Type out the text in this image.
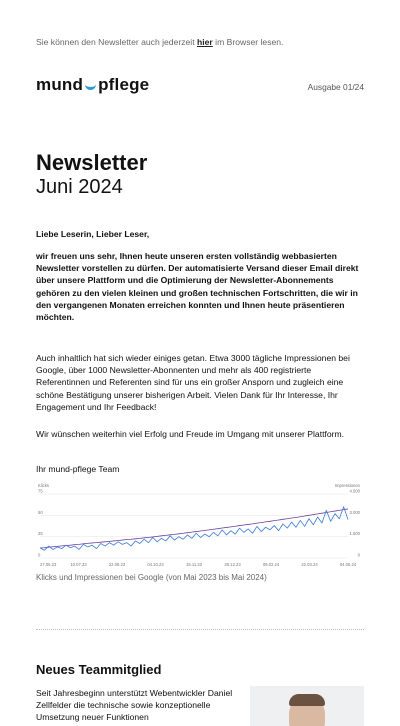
Sie können den Newsletter auch jederzeit hier im Browser lesen.
mund pflege	Ausgabe 01/24
Newsletter
Juni 2024
Liebe Leserin, Lieber Leser,
wir freuen uns sehr, Ihnen heute unseren ersten vollständig webbasierten Newsletter vorstellen zu dürfen. Der automatisierte Versand dieser Email direkt über unsere Plattform und die Optimierung der Newsletter-Abonnements gehören zu den vielen kleinen und großen technischen Fortschritten, die wir in den vergangenen Monaten erreichen konnten und Ihnen heute präsentieren möchten.
Auch inhaltlich hat sich wieder einiges getan. Etwa 3000 tägliche Impressionen bei Google, über 1000 Newsletter-Abonnenten und mehr als 400 registrierte Referentinnen und Referenten sind für uns ein großer Ansporn und zugleich eine schöne Bestätigung unserer bisherigen Arbeit. Vielen Dank für Ihr Interesse, Ihr Engagement und Ihr Feedback!
Wir wünschen weiterhin viel Erfolg und Freude im Umgang mit unserer Plattform.
Ihr mund-pflege Team
Klicks	Impressionen
75	4.500
50	3.000
25	1.500
0	0
27.05.23	10.07.23	22.08.23	04.10.23	16.11.23	28.12.23	09.02.24	22.03.24	04.05.24
Klicks und Impressionen bei Google (von Mai 2023 bis Mai 2024)
Neues Teammitglied
Seit Jahresbeginn unterstützt Webentwickler Daniel Zellfelder die technische sowie konzeptionelle Umsetzung neuer Funktionen
